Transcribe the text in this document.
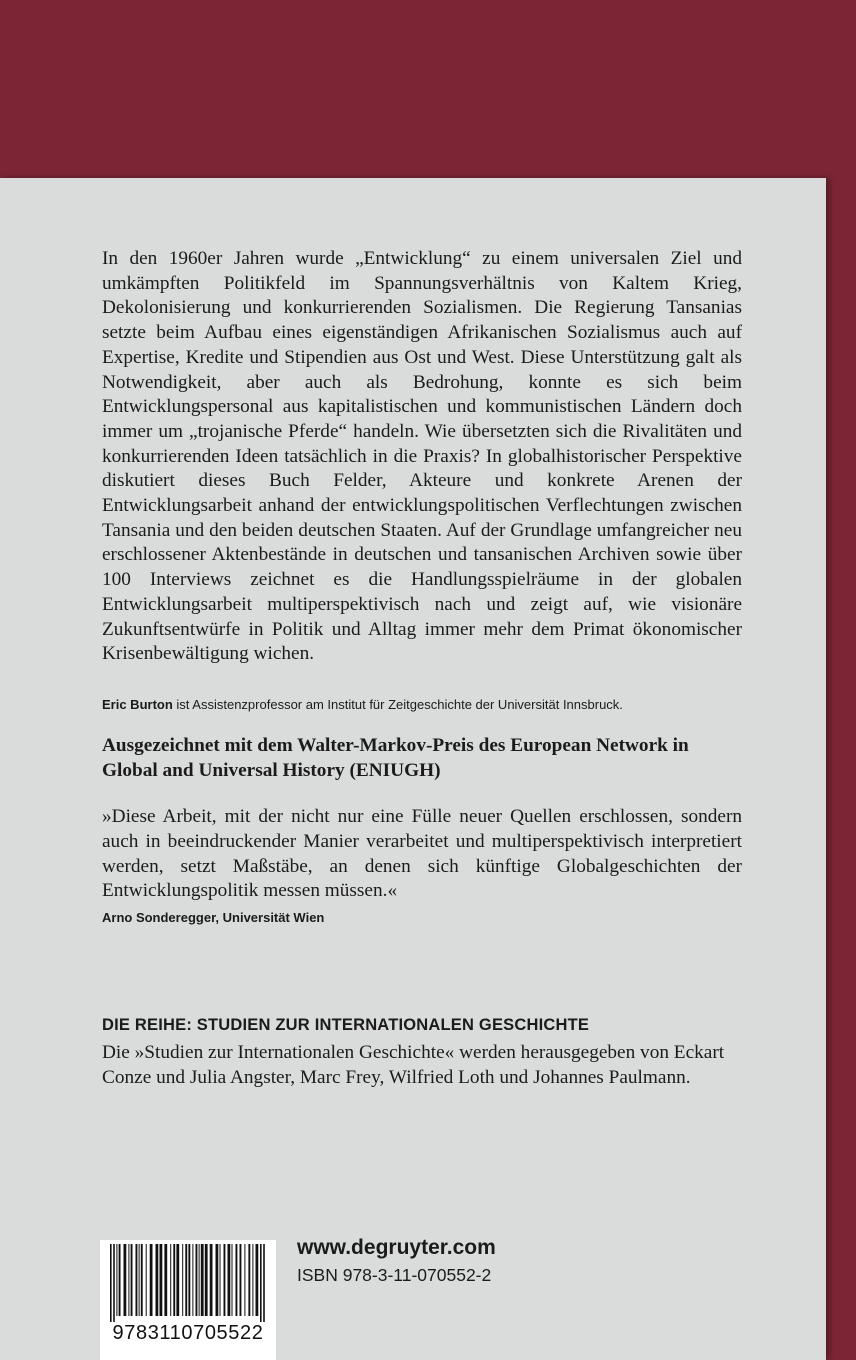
In den 1960er Jahren wurde „Entwicklung“ zu einem universalen Ziel und umkämpften Politikfeld im Spannungsverhältnis von Kaltem Krieg, Dekolonisierung und konkurrierenden Sozialismen. Die Regierung Tansanias setzte beim Aufbau eines eigenständigen Afrikanischen Sozialismus auch auf Expertise, Kredite und Stipendien aus Ost und West. Diese Unterstützung galt als Notwendigkeit, aber auch als Bedrohung, konnte es sich beim Entwicklungspersonal aus kapitalistischen und kommunistischen Ländern doch immer um „trojanische Pferde“ handeln. Wie übersetzten sich die Rivalitäten und konkurrierenden Ideen tatsächlich in die Praxis? In globalhistorischer Perspektive diskutiert dieses Buch Felder, Akteure und konkrete Arenen der Entwicklungsarbeit anhand der entwicklungspolitischen Verflechtungen zwischen Tansania und den beiden deutschen Staaten. Auf der Grundlage umfangreicher neu erschlossener Aktenbestände in deutschen und tansanischen Archiven sowie über 100 Interviews zeichnet es die Handlungsspielräume in der globalen Entwicklungsarbeit multiperspektivisch nach und zeigt auf, wie visionäre Zukunftsentwürfe in Politik und Alltag immer mehr dem Primat ökonomischer Krisenbewältigung wichen.

Eric Burton ist Assistenzprofessor am Institut für Zeitgeschichte der Universität Innsbruck.

Ausgezeichnet mit dem Walter-Markov-Preis des European Network in Global and Universal History (ENIUGH)

»Diese Arbeit, mit der nicht nur eine Fülle neuer Quellen erschlossen, sondern auch in beeindruckender Manier verarbeitet und multiperspektivisch interpretiert werden, setzt Maßstäbe, an denen sich künftige Globalgeschichten der Entwicklungspolitik messen müssen.«

Arno Sonderegger, Universität Wien

DIE REIHE: STUDIEN ZUR INTERNATIONALEN GESCHICHTE

Die »Studien zur Internationalen Geschichte« werden herausgegeben von Eckart Conze und Julia Angster, Marc Frey, Wilfried Loth und Johannes Paulmann.

9783110705522
www.degruyter.com
ISBN 978-3-11-070552-2
